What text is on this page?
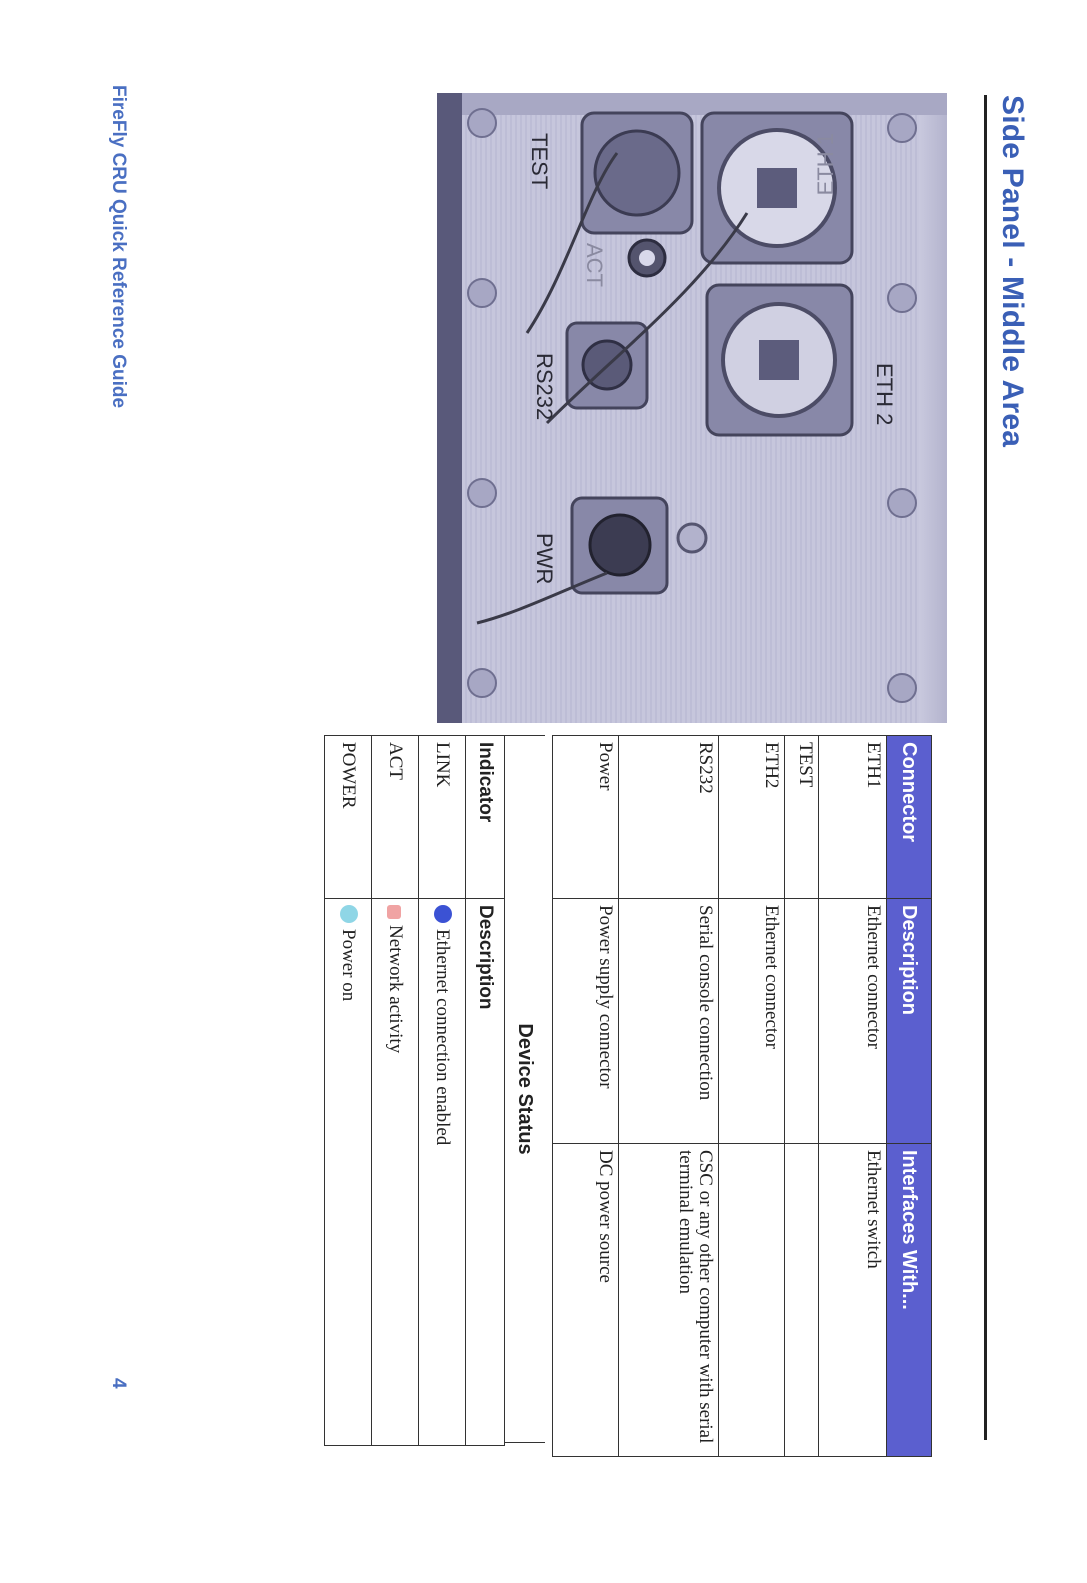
Side Panel - Middle Area
ETH 1
TEST
ACT
ETH 2
RS232
PWR
Connector	Description	Interfaces With...
ETH1	Ethernet connector	Ethernet switch
TEST		
ETH2	Ethernet connector	
RS232	Serial console connection	CSC or any other computer with serial terminal emulation
Power	Power supply connector	DC power source
Device Status
Indicator	Description
LINK	Ethernet connection enabled
ACT	Network activity
POWER	Power on
FireFly CRU Quick Reference Guide
4
